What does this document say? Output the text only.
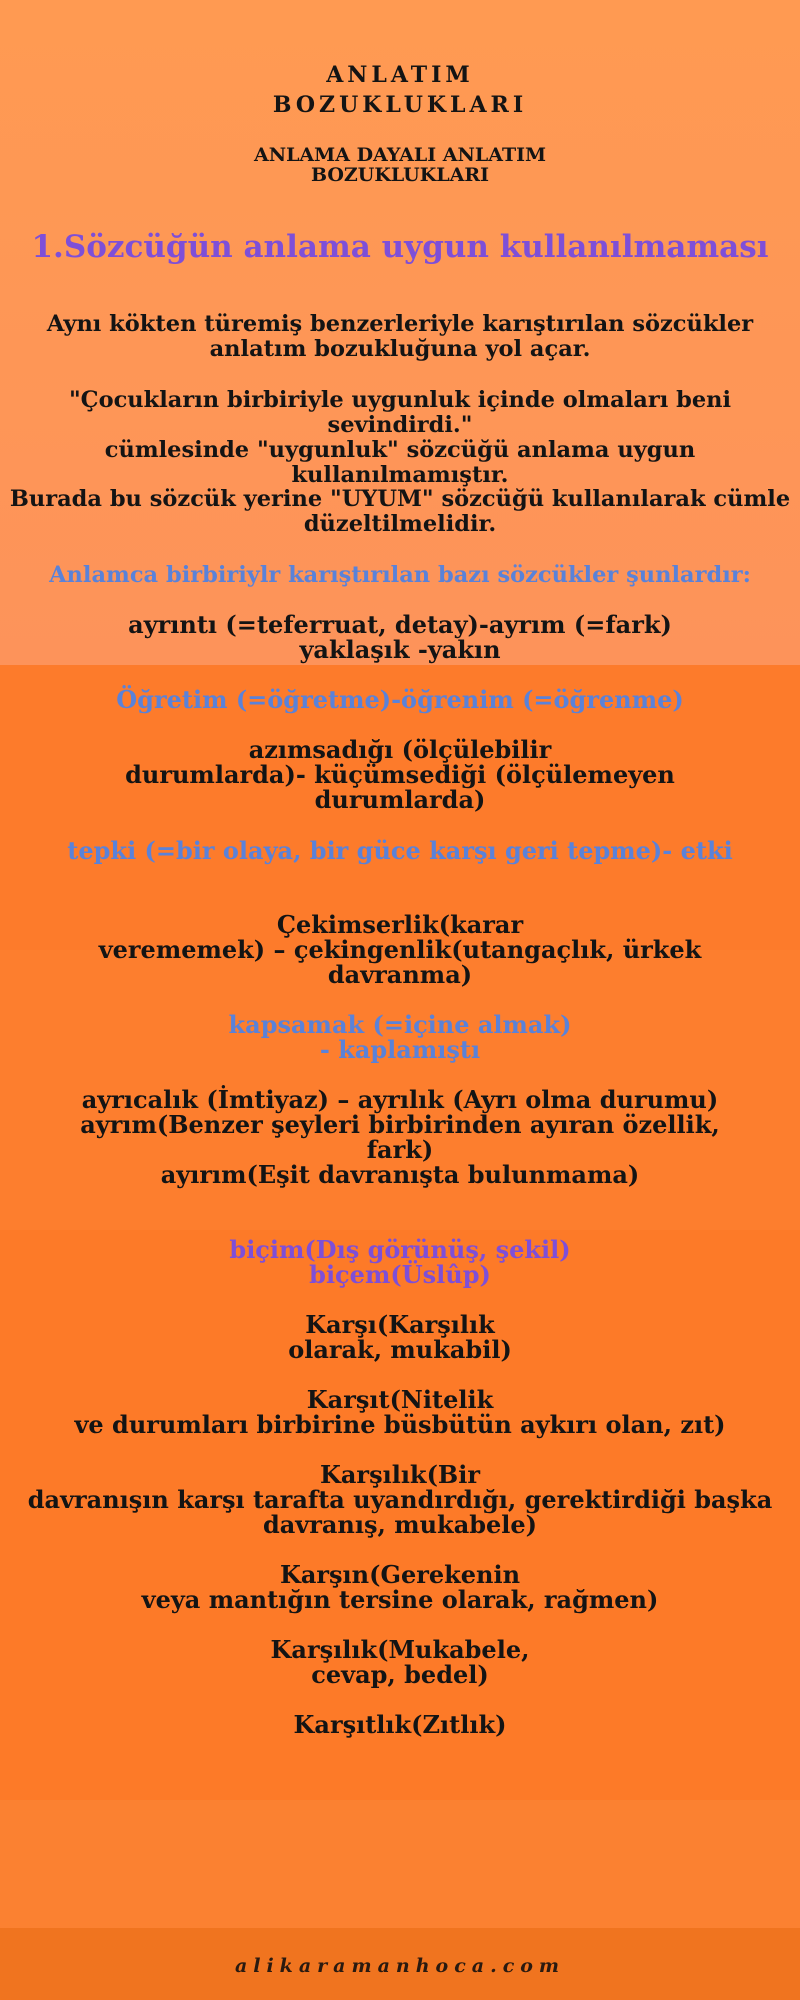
ANLATIM
BOZUKLUKLARI
ANLAMA DAYALI ANLATIM
BOZUKLUKLARI
1.Sözcüğün anlama uygun kullanılmaması
Aynı kökten türemiş benzerleriyle karıştırılan sözcükler
anlatım bozukluğuna yol açar.
"Çocukların birbiriyle uygunluk içinde olmaları beni sevindirdi."
cümlesinde "uygunluk" sözcüğü anlama uygun kullanılmamıştır.
Burada bu sözcük yerine "UYUM" sözcüğü kullanılarak cümle
düzeltilmelidir.
Anlamca birbiriylr karıştırılan bazı sözcükler şunlardır:
ayrıntı (=teferruat, detay)-ayrım (=fark)
yaklaşık -yakın
Öğretim (=öğretme)-öğrenim (=öğrenme)
azımsadığı (ölçülebilir
durumlarda)- küçümsediği (ölçülemeyen
durumlarda)
tepki (=bir olaya, bir güce karşı geri tepme)- etki
Çekimserlik(karar
verememek) – çekingenlik(utangaçlık, ürkek
davranma)
kapsamak (=içine almak)
- kaplamıştı
ayrıcalık (İmtiyaz) – ayrılık (Ayrı olma durumu)
ayrım(Benzer şeyleri birbirinden ayıran özellik,
fark)
ayırım(Eşit davranışta bulunmama)
biçim(Dış görünüş, şekil)
biçem(Üslûp)
Karşı(Karşılık
olarak, mukabil)
Karşıt(Nitelik
ve durumları birbirine büsbütün aykırı olan, zıt)
Karşılık(Bir
davranışın karşı tarafta uyandırdığı, gerektirdiği başka
davranış, mukabele)
Karşın(Gerekenin
veya mantığın tersine olarak, rağmen)
Karşılık(Mukabele,
cevap, bedel)
Karşıtlık(Zıtlık)
alikaramanhoca.com
